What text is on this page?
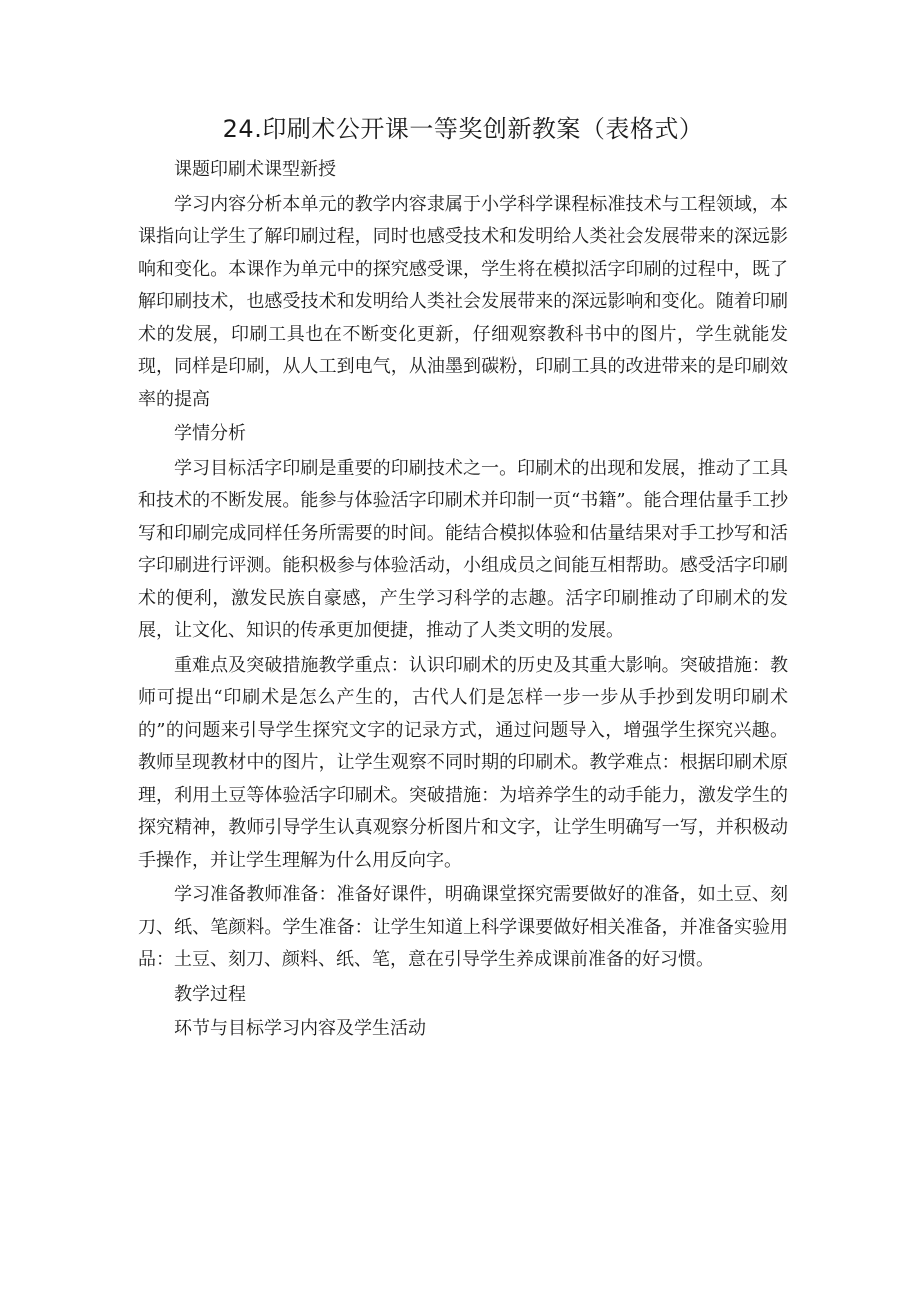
24.印刷术公开课一等奖创新教案（表格式）

课题印刷术课型新授

学习内容分析本单元的教学内容隶属于小学科学课程标准技术与工程领域，本课指向让学生了解印刷过程，同时也感受技术和发明给人类社会发展带来的深远影响和变化。本课作为单元中的探究感受课，学生将在模拟活字印刷的过程中，既了解印刷技术，也感受技术和发明给人类社会发展带来的深远影响和变化。随着印刷术的发展，印刷工具也在不断变化更新，仔细观察教科书中的图片，学生就能发现，同样是印刷，从人工到电气，从油墨到碳粉，印刷工具的改进带来的是印刷效率的提高

学情分析

学习目标活字印刷是重要的印刷技术之一。印刷术的出现和发展，推动了工具和技术的不断发展。能参与体验活字印刷术并印制一页“书籍”。能合理估量手工抄写和印刷完成同样任务所需要的时间。能结合模拟体验和估量结果对手工抄写和活字印刷进行评测。能积极参与体验活动，小组成员之间能互相帮助。感受活字印刷术的便利，激发民族自豪感，产生学习科学的志趣。活字印刷推动了印刷术的发展，让文化、知识的传承更加便捷，推动了人类文明的发展。

重难点及突破措施教学重点：认识印刷术的历史及其重大影响。突破措施：教师可提出“印刷术是怎么产生的，古代人们是怎样一步一步从手抄到发明印刷术的”的问题来引导学生探究文字的记录方式，通过问题导入，增强学生探究兴趣。教师呈现教材中的图片，让学生观察不同时期的印刷术。教学难点：根据印刷术原理，利用土豆等体验活字印刷术。突破措施：为培养学生的动手能力，激发学生的探究精神，教师引导学生认真观察分析图片和文字，让学生明确写一写，并积极动手操作，并让学生理解为什么用反向字。

学习准备教师准备：准备好课件，明确课堂探究需要做好的准备，如土豆、刻刀、纸、笔颜料。学生准备：让学生知道上科学课要做好相关准备，并准备实验用品：土豆、刻刀、颜料、纸、笔，意在引导学生养成课前准备的好习惯。

教学过程

环节与目标学习内容及学生活动
